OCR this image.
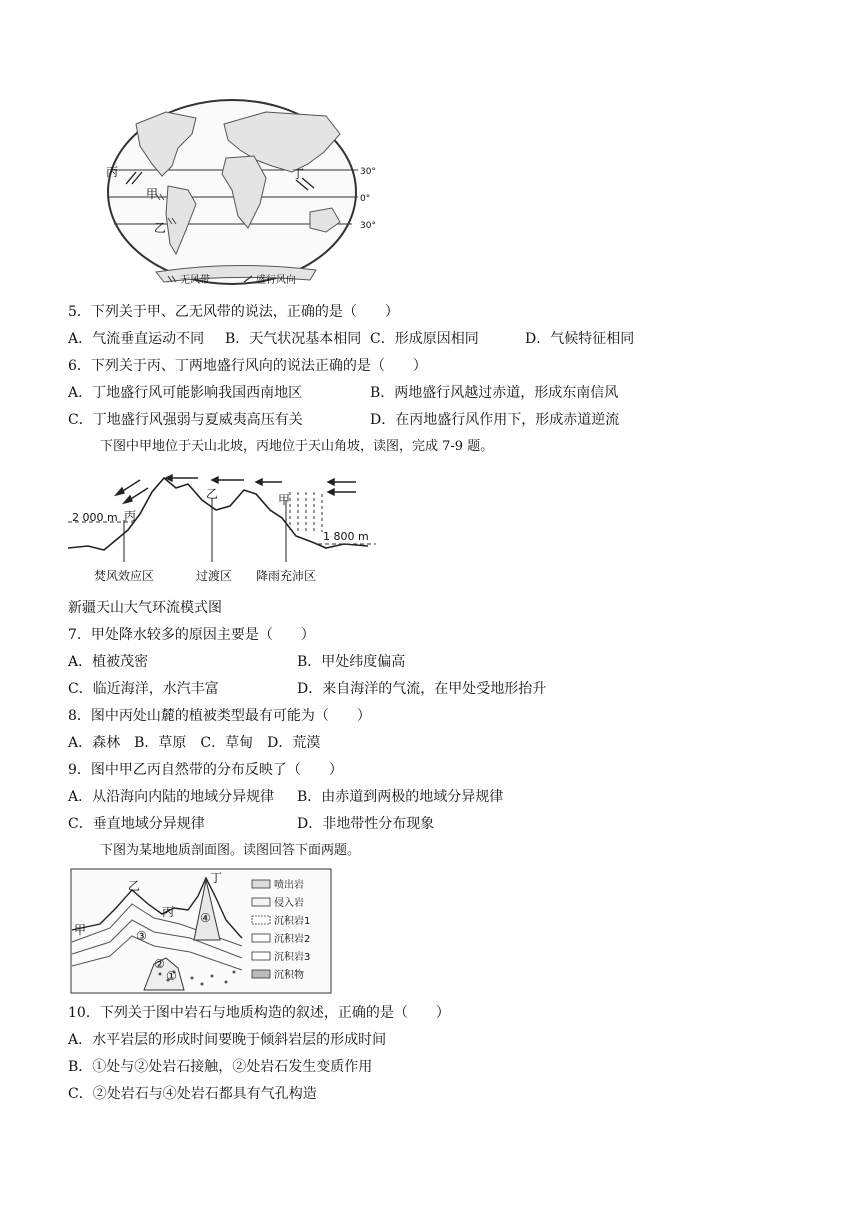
丙	丁
甲
乙
30°
0°
30°
无风带	盛行风向
5．下列关于甲、乙无风带的说法，正确的是（　　）
A．气流垂直运动不同 B．天气状况基本相同 C．形成原因相同	D．气候特征相同
6．下列关于丙、丁两地盛行风向的说法正确的是（　　）
A．丁地盛行风可能影响我国西南地区	B．两地盛行风越过赤道，形成东南信风
C．丁地盛行风强弱与夏威夷高压有关	D．在丙地盛行风作用下，形成赤道逆流
下图中甲地位于天山北坡，丙地位于天山角坡，读图，完成 7-9 题。
2 000 m
1 800 m
丙
乙	甲
焚风效应区	过渡区 降雨充沛区
新疆天山大气环流模式图
7．甲处降水较多的原因主要是（　　）
A．植被茂密	B．甲处纬度偏高
C．临近海洋，水汽丰富	D．来自海洋的气流，在甲处受地形抬升
8．图中丙处山麓的植被类型最有可能为（　　）
A．森林　B．草原　C．草甸　D．荒漠
9．图中甲乙丙自然带的分布反映了（　　）
A．从沿海向内陆的地域分异规律 B．由赤道到两极的地域分异规律
C．垂直地域分异规律	D．非地带性分布现象
下图为某地地质剖面图。读图回答下面两题。
乙
丙
丁
甲
①
②
③
④
喷出岩
侵入岩
沉积岩1
沉积岩2
沉积岩3
沉积物
10．下列关于图中岩石与地质构造的叙述，正确的是（　　）
A．水平岩层的形成时间要晚于倾斜岩层的形成时间
B．①处与②处岩石接触，②处岩石发生变质作用
C．②处岩石与④处岩石都具有气孔构造
